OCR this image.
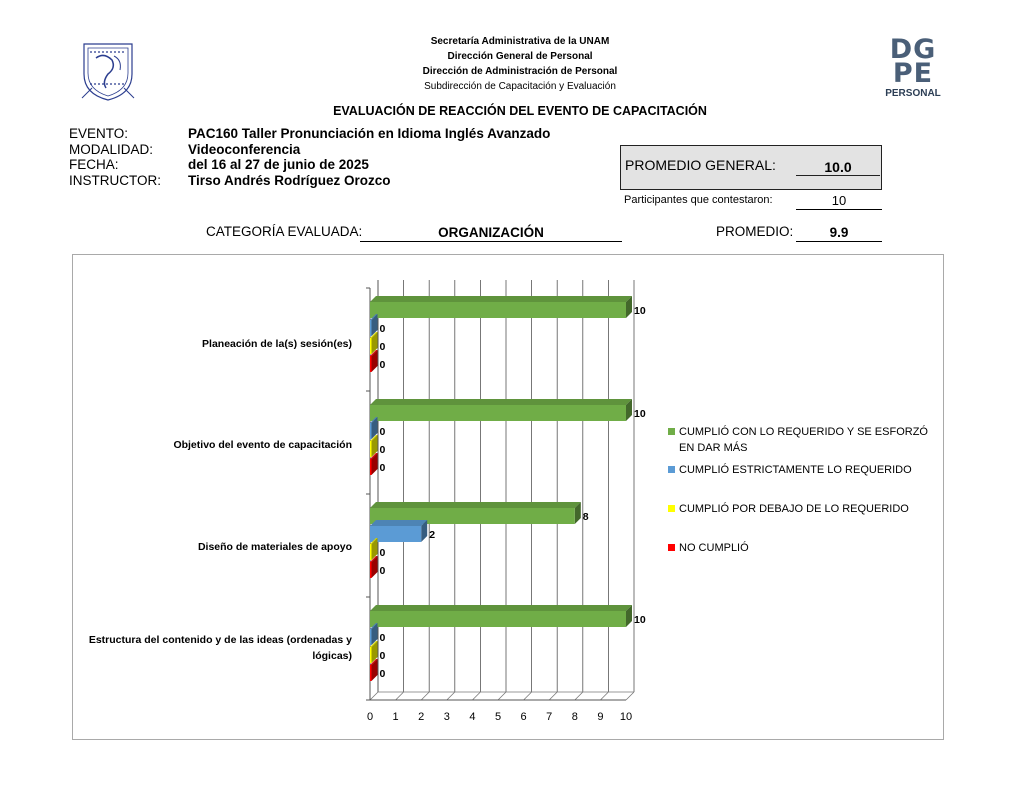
DG
PE
PERSONAL
Secretaría Administrativa de la UNAM
Dirección General de Personal
Dirección de Administración de Personal
Subdirección de Capacitación y Evaluación
EVALUACIÓN DE REACCIÓN DEL EVENTO DE CAPACITACIÓN
EVENTO:	PAC160 Taller Pronunciación en Idioma Inglés Avanzado
MODALIDAD:	Videoconferencia
FECHA:	del 16 al 27 de junio de 2025
INSTRUCTOR: Tirso Andrés Rodríguez Orozco
PROMEDIO GENERAL:	10.0
Participantes que contestaron:	10
CATEGORÍA EVALUADA:	ORGANIZACIÓN	PROMEDIO:	9.9
Planeación de la(s) sesión(es)
Objetivo del evento de capacitación
Diseño de materiales de apoyo
Estructura del contenido y de las ideas (ordenadas y lógicas)
0 1 2 3 4 5 6 7 8 9 10
10
0
0
0
10
0
0
0
8
2
0
0
10
0
0
0
CUMPLIÓ CON LO REQUERIDO Y SE ESFORZÓ EN DAR MÁS
CUMPLIÓ ESTRICTAMENTE LO REQUERIDO
CUMPLIÓ POR DEBAJO DE LO REQUERIDO
NO CUMPLIÓ
